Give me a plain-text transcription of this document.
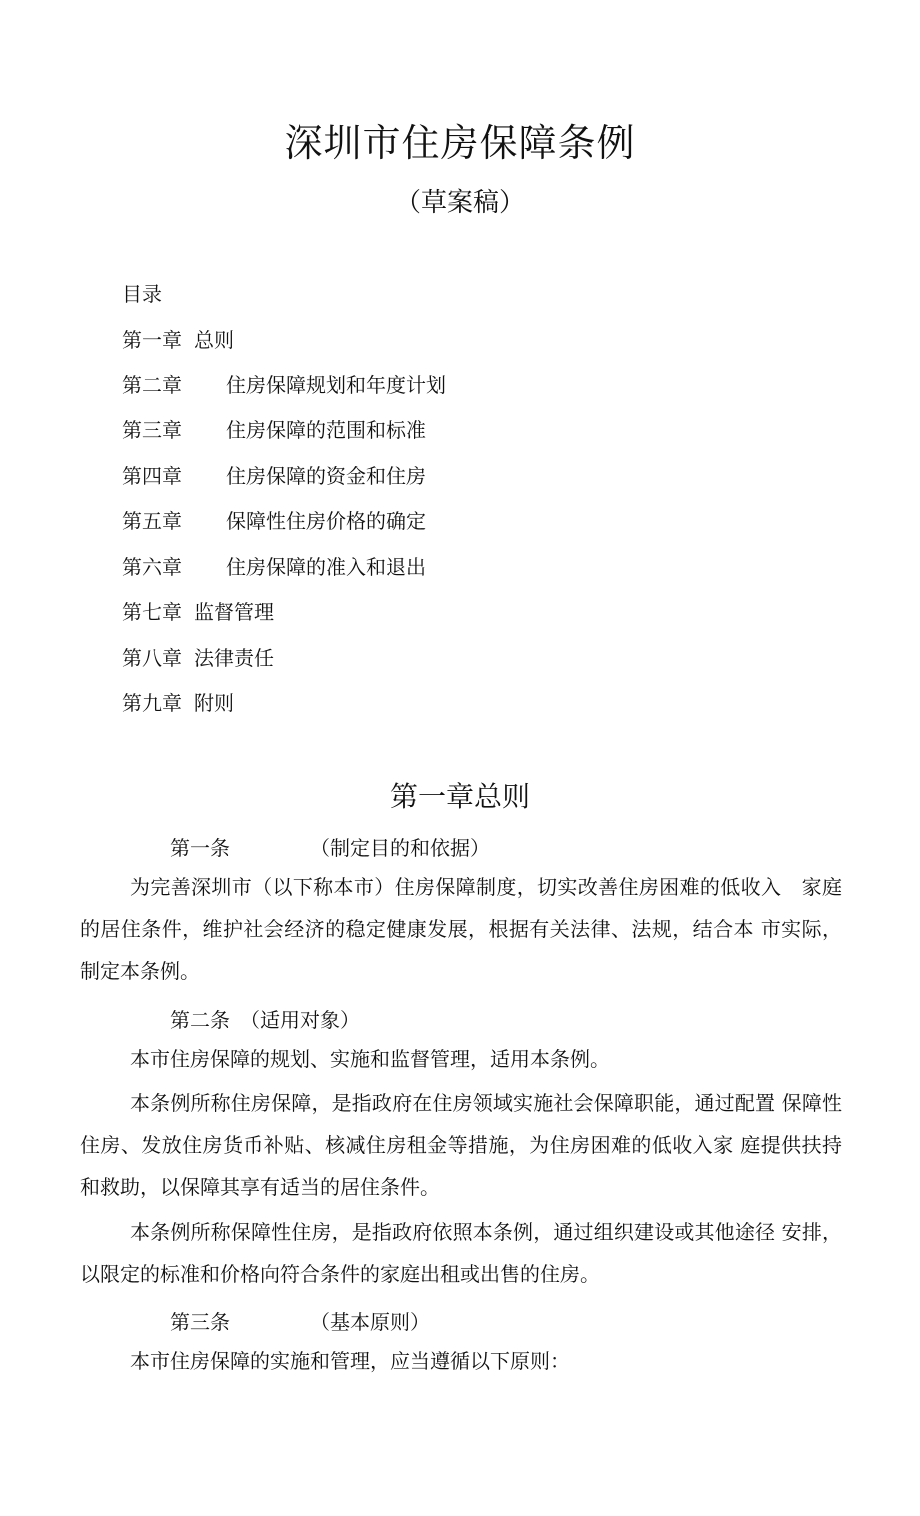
深圳市住房保障条例
（草案稿）
目录
第一章 总则
第二章 住房保障规划和年度计划
第三章 住房保障的范围和标准
第四章 住房保障的资金和住房
第五章 保障性住房价格的确定
第六章 住房保障的准入和退出
第七章 监督管理
第八章 法律责任
第九章 附则
第一章总则
第一条	（制定目的和依据）
为完善深圳市（以下称本市）住房保障制度，切实改善住房困难的低收入　家庭的居住条件，维护社会经济的稳定健康发展，根据有关法律、法规，结合本 市实际，制定本条例。
第二条 （适用对象）
本市住房保障的规划、实施和监督管理，适用本条例。
本条例所称住房保障，是指政府在住房领域实施社会保障职能，通过配置 保障性住房、发放住房货币补贴、核减住房租金等措施，为住房困难的低收入家 庭提供扶持和救助，以保障其享有适当的居住条件。
本条例所称保障性住房，是指政府依照本条例，通过组织建设或其他途径 安排，以限定的标准和价格向符合条件的家庭出租或出售的住房。
第三条	（基本原则）
本市住房保障的实施和管理，应当遵循以下原则：
